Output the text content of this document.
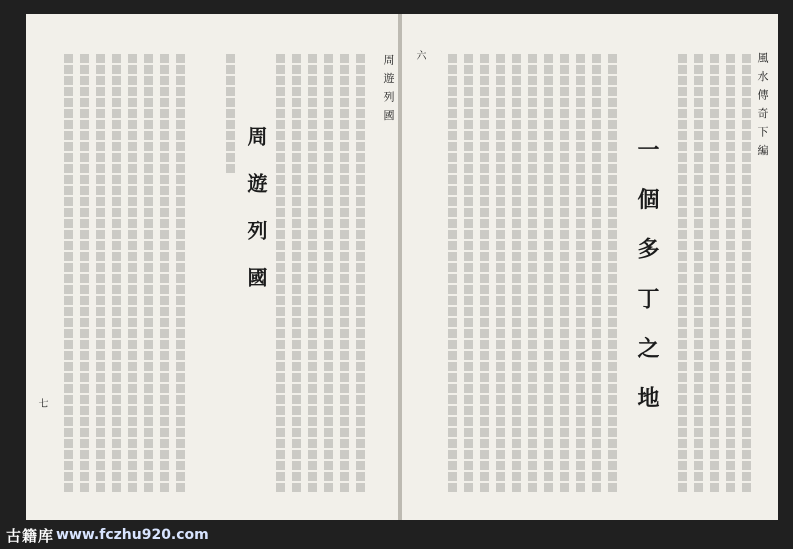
周 遊 列 國
七
周 遊 列 國
風 水 傳 奇 下 編
六
一 個 多 丁 之 地
古籍库 www.fczhu920.com
